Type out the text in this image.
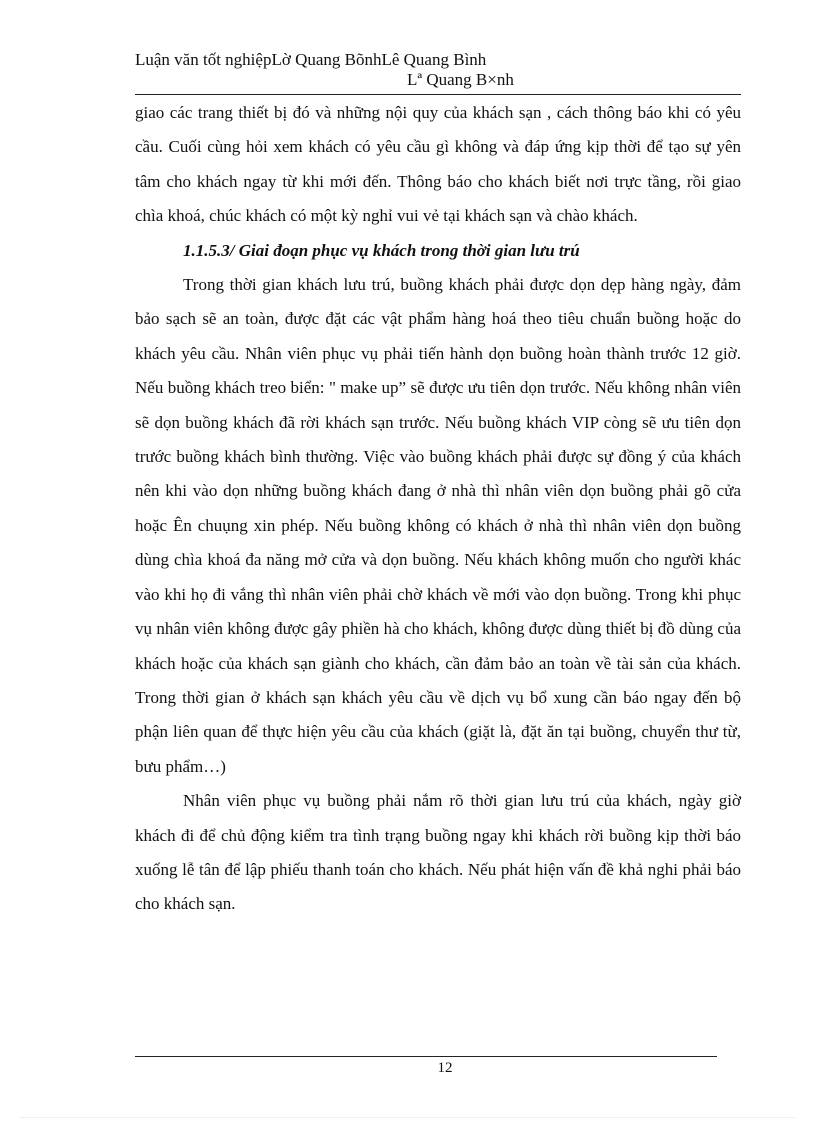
Luận văn tốt nghiệpLờ Quang BõnhLê Quang Bình
Lª Quang B×nh

giao các trang thiết bị đó và những nội quy của khách sạn , cách thông báo khi có yêu cầu. Cuối cùng hỏi xem khách có yêu cầu gì không và đáp ứng kịp thời để tạo sự yên tâm cho khách ngay từ khi mới đến. Thông báo cho khách biết nơi trực tầng, rồi giao chìa khoá, chúc khách có một kỳ nghỉ vui vẻ tại khách sạn và chào khách.

1.1.5.3/ Giai đoạn phục vụ khách trong thời gian lưu trú

Trong thời gian khách lưu trú, buồng khách phải được dọn dẹp hàng ngày, đảm bảo sạch sẽ an toàn, được đặt các vật phẩm hàng hoá theo tiêu chuẩn buồng hoặc do khách yêu cầu. Nhân viên phục vụ phải tiến hành dọn buồng hoàn thành trước 12 giờ. Nếu buồng khách treo biển: " make up” sẽ được ưu tiên dọn trước. Nếu không nhân viên sẽ dọn buồng khách đã rời khách sạn trước. Nếu buồng khách VIP còng sẽ ưu tiên dọn trước buồng khách bình thường. Việc vào buồng khách phải được sự đồng ý của khách nên khi vào dọn những buồng khách đang ở nhà thì nhân viên dọn buồng phải gõ cửa hoặc Ên chuụng xin phép. Nếu buồng không có khách ở nhà thì nhân viên dọn buồng dùng chìa khoá đa năng mở cửa và dọn buồng. Nếu khách không muốn cho người khác vào khi họ đi vắng thì nhân viên phải chờ khách về mới vào dọn buồng. Trong khi phục vụ nhân viên không được gây phiền hà cho khách, không được dùng thiết bị đồ dùng của khách hoặc của khách sạn giành cho khách, cần đảm bảo an toàn về tài sản của khách. Trong thời gian ở khách sạn khách yêu cầu về dịch vụ bổ xung cần báo ngay đến bộ phận liên quan để thực hiện yêu cầu của khách (giặt là, đặt ăn tại buồng, chuyển thư từ, bưu phẩm…)

Nhân viên phục vụ buồng phải nắm rõ thời gian lưu trú của khách, ngày giờ khách đi để chủ động kiểm tra tình trạng buồng ngay khi khách rời buồng kịp thời báo xuống lễ tân để lập phiếu thanh toán cho khách. Nếu phát hiện vấn đề khả nghi phải báo cho khách sạn.

12
